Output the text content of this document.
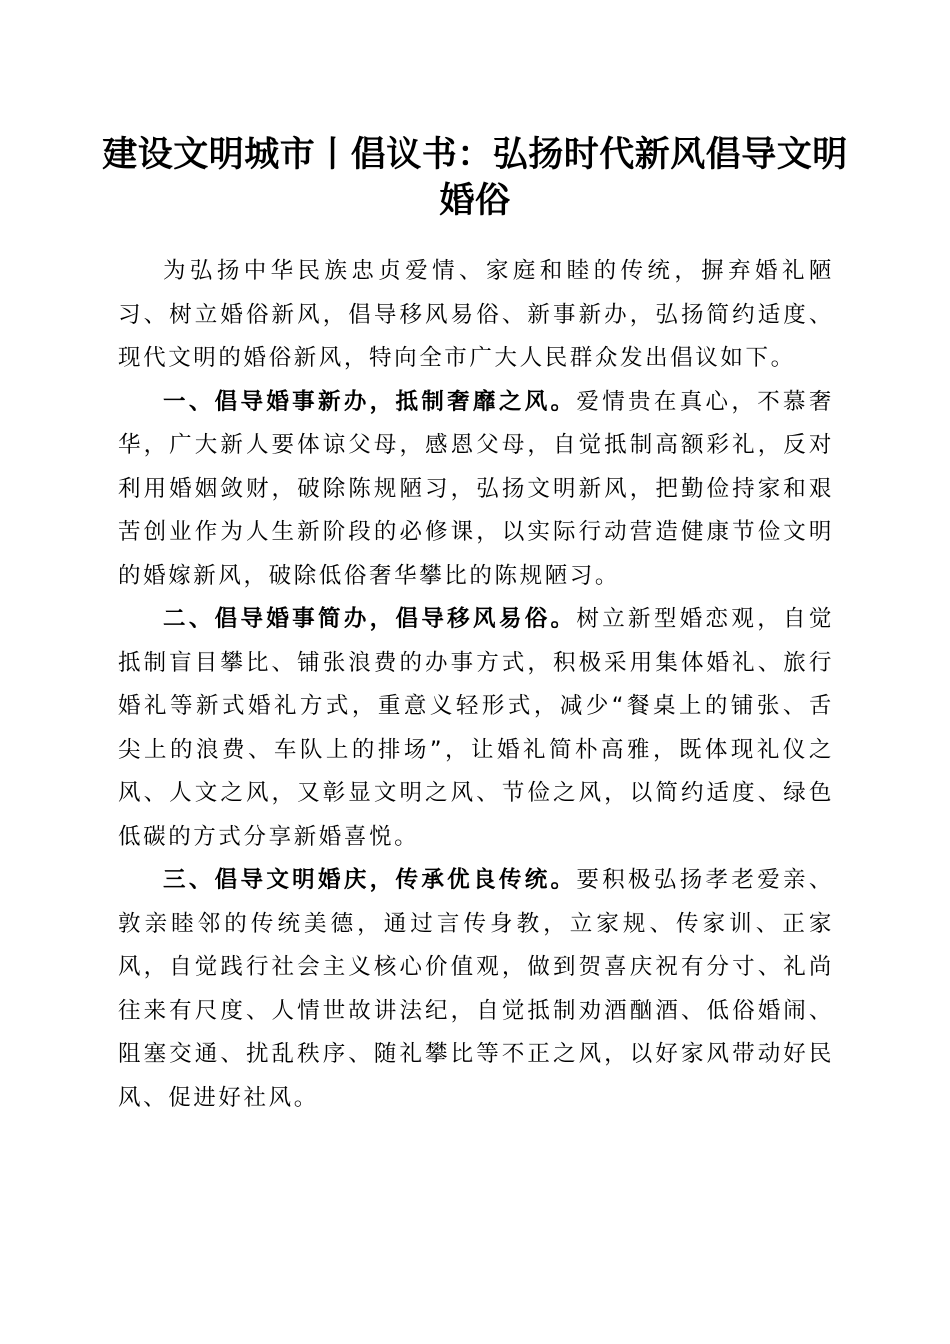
建设文明城市丨倡议书：弘扬时代新风倡导文明婚俗

为弘扬中华民族忠贞爱情、家庭和睦的传统，摒弃婚礼陋习、树立婚俗新风，倡导移风易俗、新事新办，弘扬简约适度、现代文明的婚俗新风，特向全市广大人民群众发出倡议如下。

一、倡导婚事新办，抵制奢靡之风。爱情贵在真心，不慕奢华，广大新人要体谅父母，感恩父母，自觉抵制高额彩礼，反对利用婚姻敛财，破除陈规陋习，弘扬文明新风，把勤俭持家和艰苦创业作为人生新阶段的必修课，以实际行动营造健康节俭文明的婚嫁新风，破除低俗奢华攀比的陈规陋习。

二、倡导婚事简办，倡导移风易俗。树立新型婚恋观，自觉抵制盲目攀比、铺张浪费的办事方式，积极采用集体婚礼、旅行婚礼等新式婚礼方式，重意义轻形式，减少“餐桌上的铺张、舌尖上的浪费、车队上的排场”，让婚礼简朴高雅，既体现礼仪之风、人文之风，又彰显文明之风、节俭之风，以简约适度、绿色低碳的方式分享新婚喜悦。

三、倡导文明婚庆，传承优良传统。要积极弘扬孝老爱亲、敦亲睦邻的传统美德，通过言传身教，立家规、传家训、正家风，自觉践行社会主义核心价值观，做到贺喜庆祝有分寸、礼尚往来有尺度、人情世故讲法纪，自觉抵制劝酒酗酒、低俗婚闹、阻塞交通、扰乱秩序、随礼攀比等不正之风，以好家风带动好民风、促进好社风。
